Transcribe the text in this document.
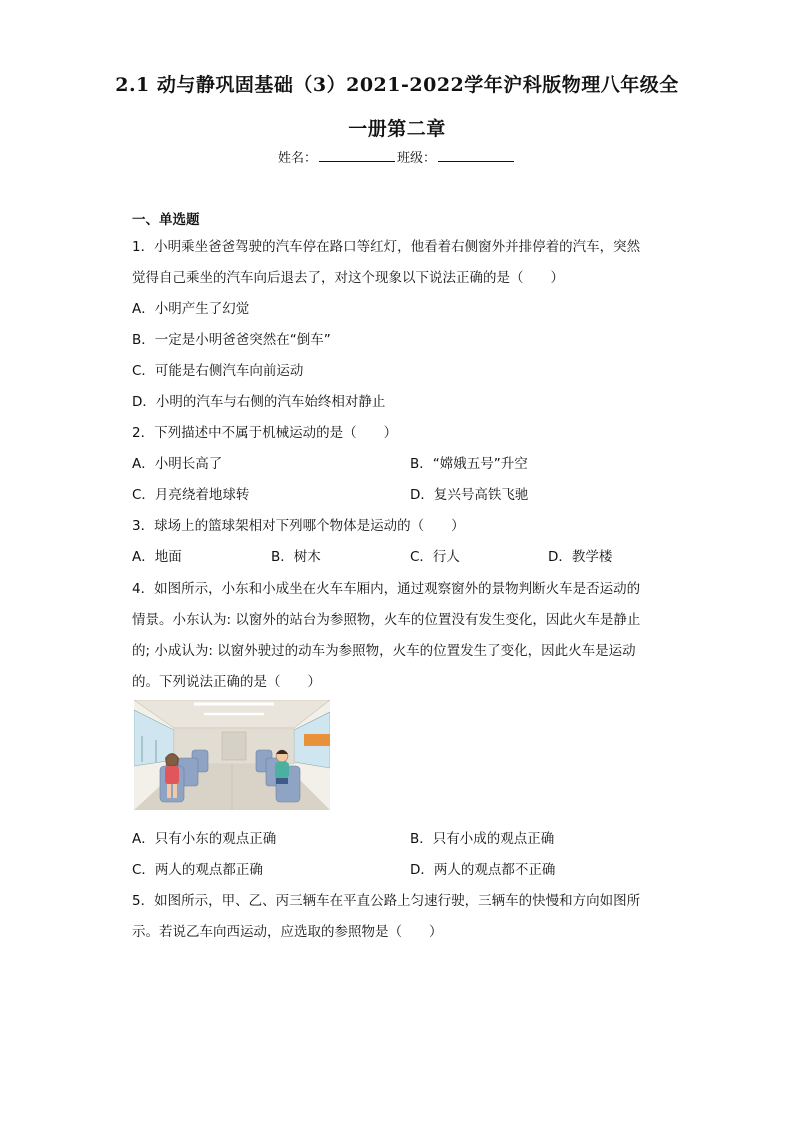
2.1 动与静巩固基础（3）2021-2022学年沪科版物理八年级全
一册第二章
姓名：	班级：
一、单选题
1．小明乘坐爸爸驾驶的汽车停在路口等红灯，他看着右侧窗外并排停着的汽车，突然
觉得自己乘坐的汽车向后退去了，对这个现象以下说法正确的是（　　）
A．小明产生了幻觉
B．一定是小明爸爸突然在“倒车”
C．可能是右侧汽车向前运动
D．小明的汽车与右侧的汽车始终相对静止
2．下列描述中不属于机械运动的是（　　）
A．小明长高了	B．“嫦娥五号”升空
C．月亮绕着地球转	D．复兴号高铁飞驰
3．球场上的篮球架相对下列哪个物体是运动的（　　）
A．地面	B．树木	C．行人	D．教学楼
4．如图所示，小东和小成坐在火车车厢内，通过观察窗外的景物判断火车是否运动的
情景。小东认为: 以窗外的站台为参照物，火车的位置没有发生变化，因此火车是静止
的; 小成认为: 以窗外驶过的动车为参照物，火车的位置发生了变化，因此火车是运动
的。下列说法正确的是（　　）
A．只有小东的观点正确	B．只有小成的观点正确
C．两人的观点都正确	D．两人的观点都不正确
5．如图所示，甲、乙、丙三辆车在平直公路上匀速行驶，三辆车的快慢和方向如图所
示。若说乙车向西运动，应选取的参照物是（　　）
